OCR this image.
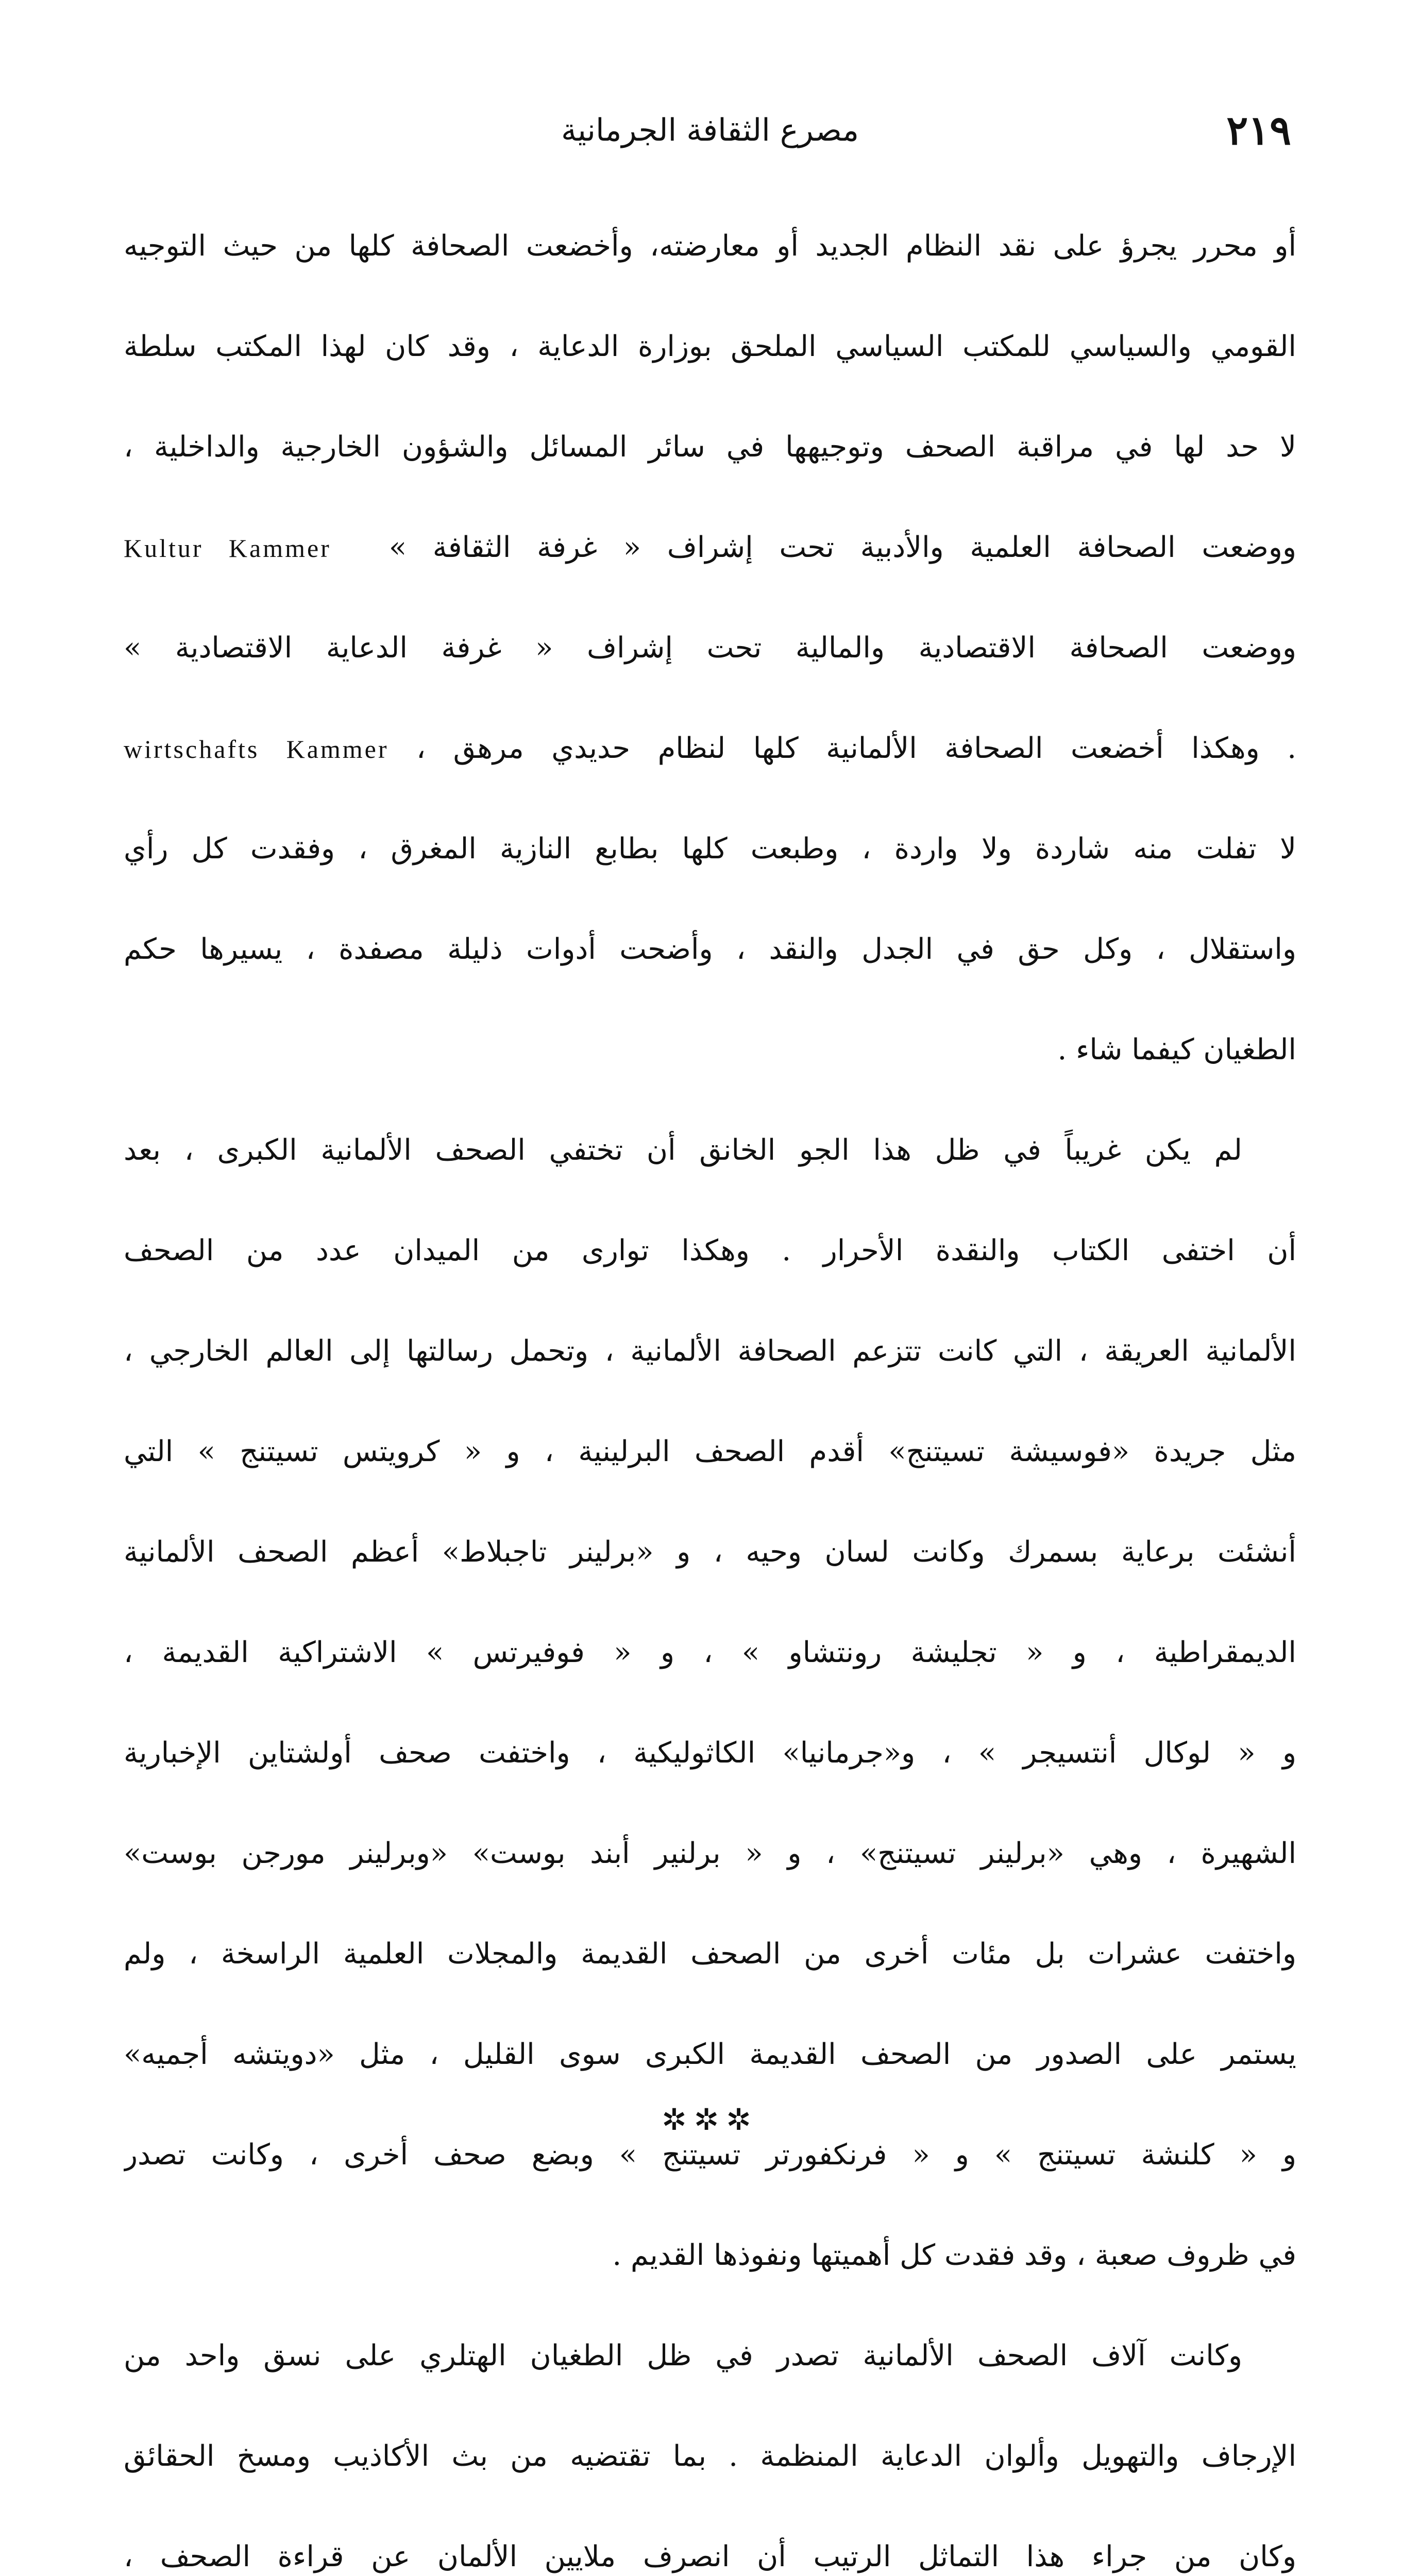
٢١٩
مصرع الثقافة الجرمانية
أو محرر يجرؤ على نقد النظام الجديد أو معارضته، وأخضعت الصحافة كلها من حيث التوجيه
القومي والسياسي للمكتب السياسي الملحق بوزارة الدعاية ، وقد كان لهذا المكتب سلطة
لا حد لها في مراقبة الصحف وتوجيهها في سائر المسائل والشؤون الخارجية والداخلية ،
ووضعت الصحافة العلمية والأدبية تحت إشراف « غرفة الثقافة »  Kultur Kammer
ووضعت الصحافة الاقتصادية والمالية تحت إشراف « غرفة الدعاية الاقتصادية »
. وهكذا أخضعت الصحافة الألمانية كلها لنظام حديدي مرهق ، wirtschafts Kammer
لا تفلت منه شاردة ولا واردة ، وطبعت كلها بطابع النازية المغرق ، وفقدت كل رأي
واستقلال ، وكل حق في الجدل والنقد ، وأضحت أدوات ذليلة مصفدة ، يسيرها حكم
الطغيان كيفما شاء .
لم يكن غريباً في ظل هذا الجو الخانق أن تختفي الصحف الألمانية الكبرى ، بعد
أن اختفى الكتاب والنقدة الأحرار . وهكذا توارى من الميدان عدد من الصحف
الألمانية العريقة ، التي كانت تتزعم الصحافة الألمانية ، وتحمل رسالتها إلى العالم الخارجي ،
مثل جريدة «فوسيشة تسيتنج» أقدم الصحف البرلينية ، و « كرويتس تسيتنج » التي
أنشئت برعاية بسمرك وكانت لسان وحيه ، و «برلينر تاجبلاط» أعظم الصحف الألمانية
الديمقراطية ، و « تجليشة رونتشاو » ، و « فوفيرتس » الاشتراكية القديمة ،
و « لوكال أنتسيجر » ، و«جرمانيا» الكاثوليكية ، واختفت صحف أولشتاين الإخبارية
الشهيرة ، وهي «برلينر تسيتنج» ، و « برلنير أبند بوست» «وبرلينر مورجن بوست»
واختفت عشرات بل مئات أخرى من الصحف القديمة والمجلات العلمية الراسخة ، ولم
يستمر على الصدور من الصحف القديمة الكبرى سوى القليل ، مثل «دويتشه أجميه»
و « كلنشة تسيتنج » و « فرنكفورتر تسيتنج » وبضع صحف أخرى ، وكانت تصدر
في ظروف صعبة ، وقد فقدت كل أهميتها ونفوذها القديم .
وكانت آلاف الصحف الألمانية تصدر في ظل الطغيان الهتلري على نسق واحد من
الإرجاف والتهويل وألوان الدعاية المنظمة . بما تقتضيه من بث الأكاذيب ومسخ الحقائق
وكان من جراء هذا التماثل الرتيب أن انصرف ملايين الألمان عن قراءة الصحف ،
✲✲✲
